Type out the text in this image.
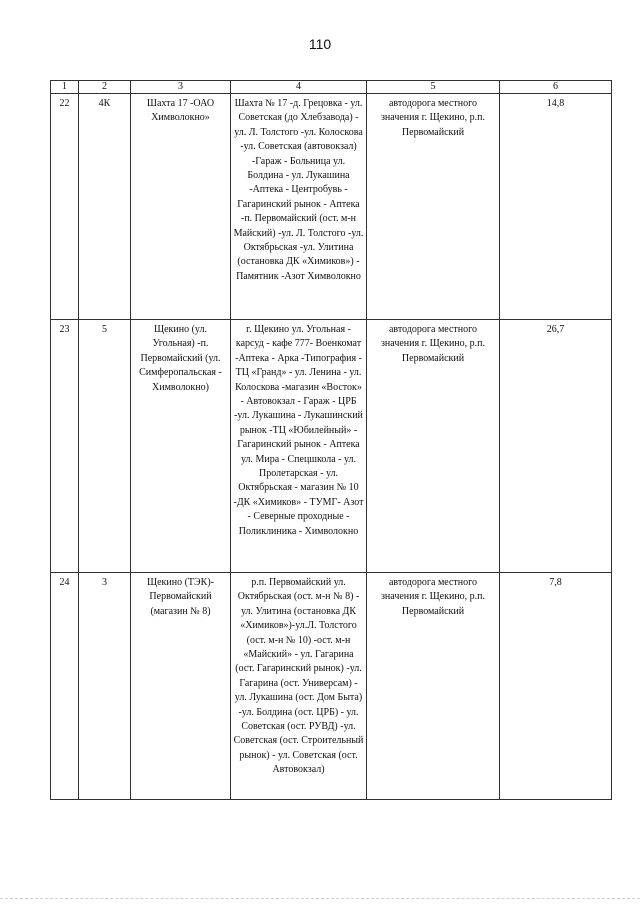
110
1	2	3	4	5	6

22	4К	Шахта 17 -ОАО Химволокно»	Шахта № 17 -д. Грецовка - ул. Советская (до Хлебзавода) - ул. Л. Толстого -ул. Колоскова -ул. Советская (автовокзал) -Гараж - Больница ул. Болдина - ул. Лукашина -Аптека - Центробувь - Гагаринский рынок - Аптека -п. Первомайский (ост. м-н Майский) -ул. Л. Толстого -ул. Октябрьская -ул. Улитина (остановка ДК «Химиков») - Памятник -Азот Химволокно	автодорога местного значения г. Щекино, р.п. Первомайский	14,8

23	5	Щекино (ул. Угольная) -п. Первомайский (ул. Симферопальская - Химволокно)	г. Щекино ул. Угольная - карсуд - кафе 777- Военкомат -Аптека - Арка -Типография - ТЦ «Гранд» - ул. Ленина - ул. Колоскова -магазин «Восток» - Автовокзал - Гараж - ЦРБ -ул. Лукашина - Лукашинский рынок -ТЦ «Юбилейный» - Гагаринский рынок - Аптека ул. Мира - Спецшкола - ул. Пролетарская - ул. Октябрьская - магазин № 10 -ДК «Химиков» - ТУМГ- Азот - Северные проходные - Поликлиника - Химволокно	автодорога местного значения г. Щекино, р.п. Первомайский	26,7

24	3	Щекино (ТЭК)- Первомайский (магазин № 8)	р.п. Первомайский ул. Октябрьская (ост. м-н № 8) - ул. Улитина (остановка ДК «Химиков»)-ул.Л. Толстого (ост. м-н № 10) -ост. м-н «Майский» - ул. Гагарина (ост. Гагаринский рынок) -ул. Гагарина (ост. Универсам) - ул. Лукашина (ост. Дом Быта) -ул. Болдина (ост. ЦРБ) - ул. Советская (ост. РУВД) -ул. Советская (ост. Строительный рынок) - ул. Советская (ост. Автовокзал)	автодорога местного значения г. Щекино, р.п. Первомайский	7,8
